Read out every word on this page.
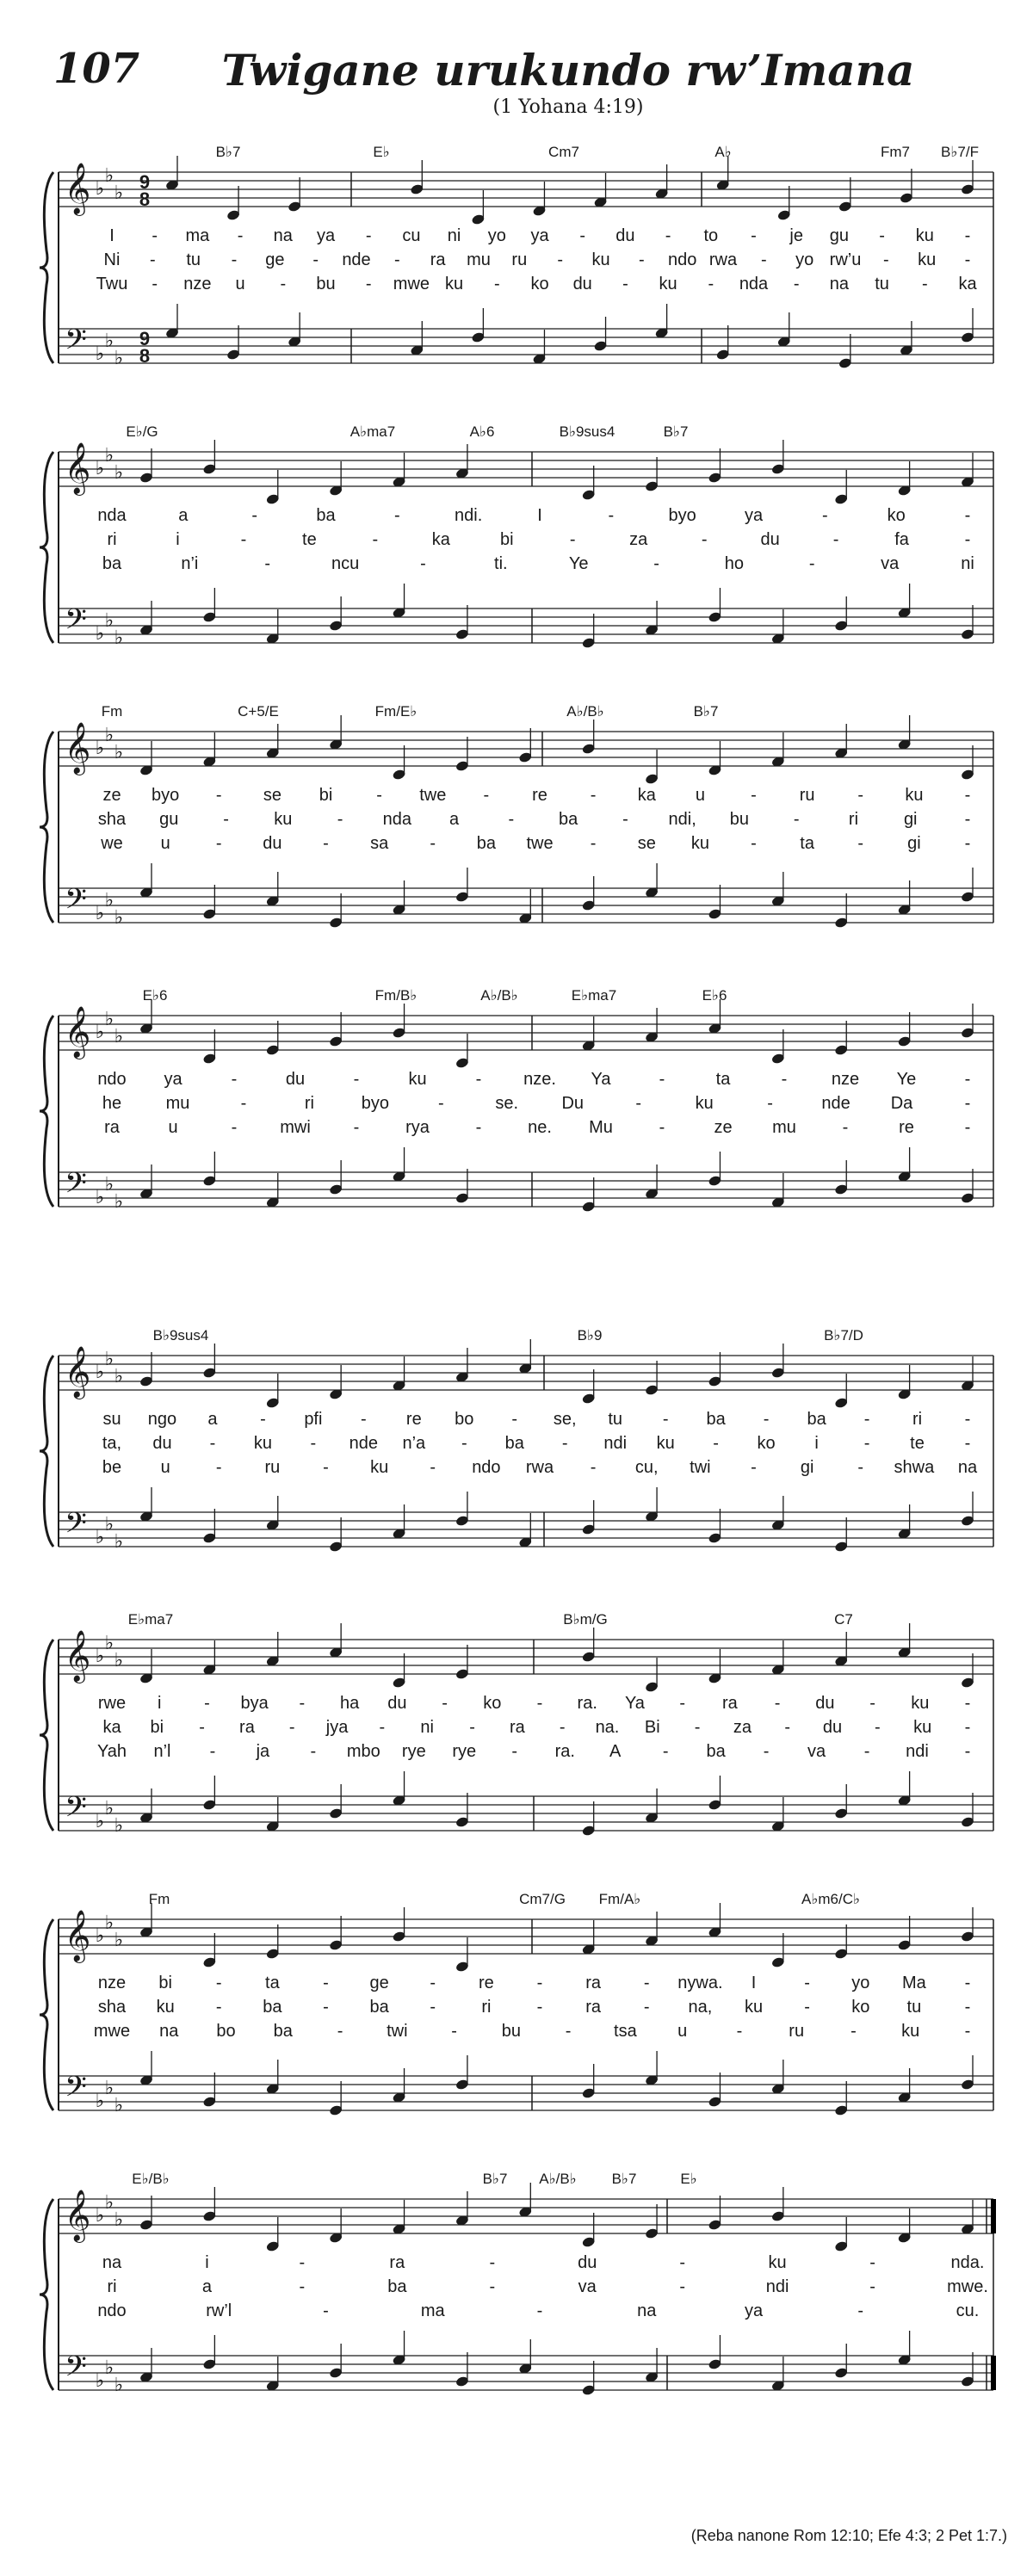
107	Twigane urukundo rw’Imana
(1 Yohana 4:19)
𝄞
𝄢
♭
♭
♭
♭
♭
♭
9
8
9
8
B♭7	E♭	Cm7	A♭	Fm7 B♭7/F
I - ma - na ya - cu ni yo ya - du - to - je gu - ku -
Ni - tu - ge - nde - ra mu ru - ku - ndo rwa - yo rw’u - ku -
Twu - nze u - bu - mwe ku - ko du - ku - nda - na tu - ka
𝄞
𝄢
♭
♭
♭
♭
♭
♭
E♭/G	A♭ma7	A♭6	B♭9sus4	B♭7
nda	a	-	ba	-	ndi.	I	-	byo	ya	-	ko	-
ri	i	-	te	-	ka	bi	-	za	-	du	-	fa	-
ba	n’i	-	ncu	-	ti.	Ye	-	ho	-	va	ni
𝄞
𝄢
♭
♭
♭
♭
♭
♭
Fm	C+5/E	Fm/E♭	A♭/B♭	B♭7
ze byo - se bi	- twe - re - ka u	- ru - ku -
sha gu	-	ku	- nda a	-	ba	- ndi, bu	-	ri	gi	-
we u	- du - sa - ba twe - se ku -	ta	-	gi	-
𝄞
𝄢
♭
♭
♭
♭
♭
♭
E♭6	Fm/B♭	A♭/B♭	E♭ma7	E♭6
ndo ya	-	du	-	ku	- nze. Ya	-	ta	-	nze Ye	-
he	mu	-	ri	byo	-	se.	Du	-	ku	-	nde Da	-
ra	u	- mwi -	rya	-	ne. Mu	-	ze mu	-	re	-
𝄞
𝄢
♭
♭
♭
♭
♭
♭
B♭9sus4	B♭9	B♭7/D
su ngo a - pfi - re bo - se, tu - ba - ba - ri -
ta, du - ku - nde n’a - ba - ndi ku - ko i	- te -
be u	- ru - ku - ndo rwa - cu, twi -	gi	- shwa na
𝄞
𝄢
♭
♭
♭
♭
♭
♭
E♭ma7	B♭m/G	C7
rwe i - bya - ha du - ko - ra. Ya - ra - du - ku -
ka bi - ra - jya - ni - ra - na. Bi - za - du - ku -
Yah n’l - ja - mbo rye rye - ra. A - ba - va - ndi -
𝄞
𝄢
♭
♭
♭
♭
♭
♭
Fm	Cm7/G Fm/A♭	A♭m6/C♭
nze bi	-	ta	- ge - re - ra - nywa. I	- yo Ma -
sha ku - ba - ba -	ri	- ra - na, ku - ko tu	-
mwe na bo ba	-	twi	-	bu	- tsa u	-	ru	-	ku	-
𝄞
𝄢
♭
♭
♭
♭
♭
♭
E♭/B♭	B♭7 A♭/B♭ B♭7	E♭
na	i	-	ra	-	du	-	ku	-	nda.
ri	a	-	ba	-	va	-	ndi	-	mwe.
ndo	rw’l	-	ma	-	na	ya	-	cu.
(Reba nanone Rom 12:10; Efe 4:3; 2 Pet 1:7.)
